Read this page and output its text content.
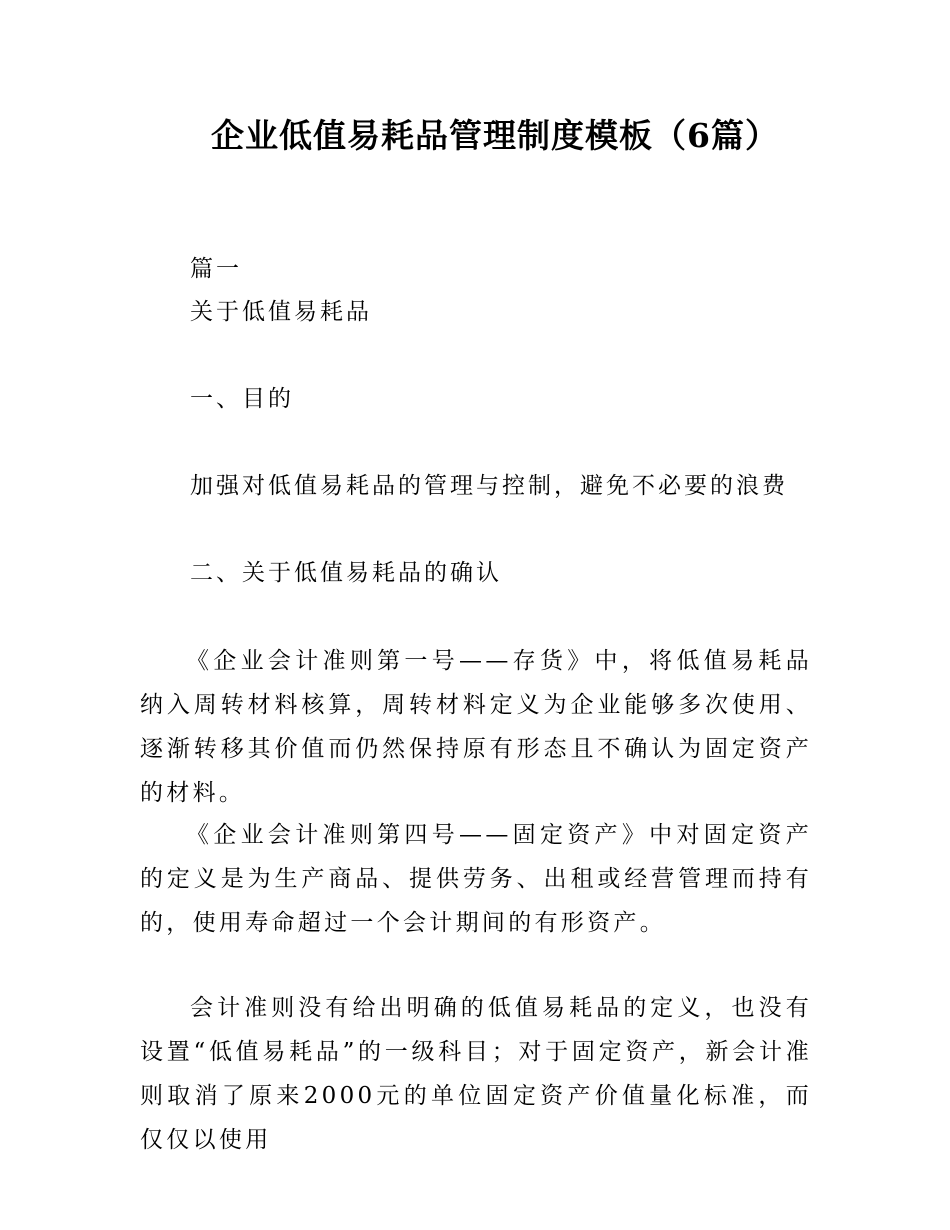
企业低值易耗品管理制度模板（6篇）
篇一
关于低值易耗品
一、目的
加强对低值易耗品的管理与控制，避免不必要的浪费
二、关于低值易耗品的确认
《企业会计准则第一号——存货》中，将低值易耗品纳入周转材料核算，周转材料定义为企业能够多次使用、逐渐转移其价值而仍然保持原有形态且不确认为固定资产的材料。
《企业会计准则第四号——固定资产》中对固定资产的定义是为生产商品、提供劳务、出租或经营管理而持有的，使用寿命超过一个会计期间的有形资产。
会计准则没有给出明确的低值易耗品的定义，也没有设置“低值易耗品”的一级科目；对于固定资产，新会计准则取消了原来2000元的单位固定资产价值量化标准，而仅仅以使用
